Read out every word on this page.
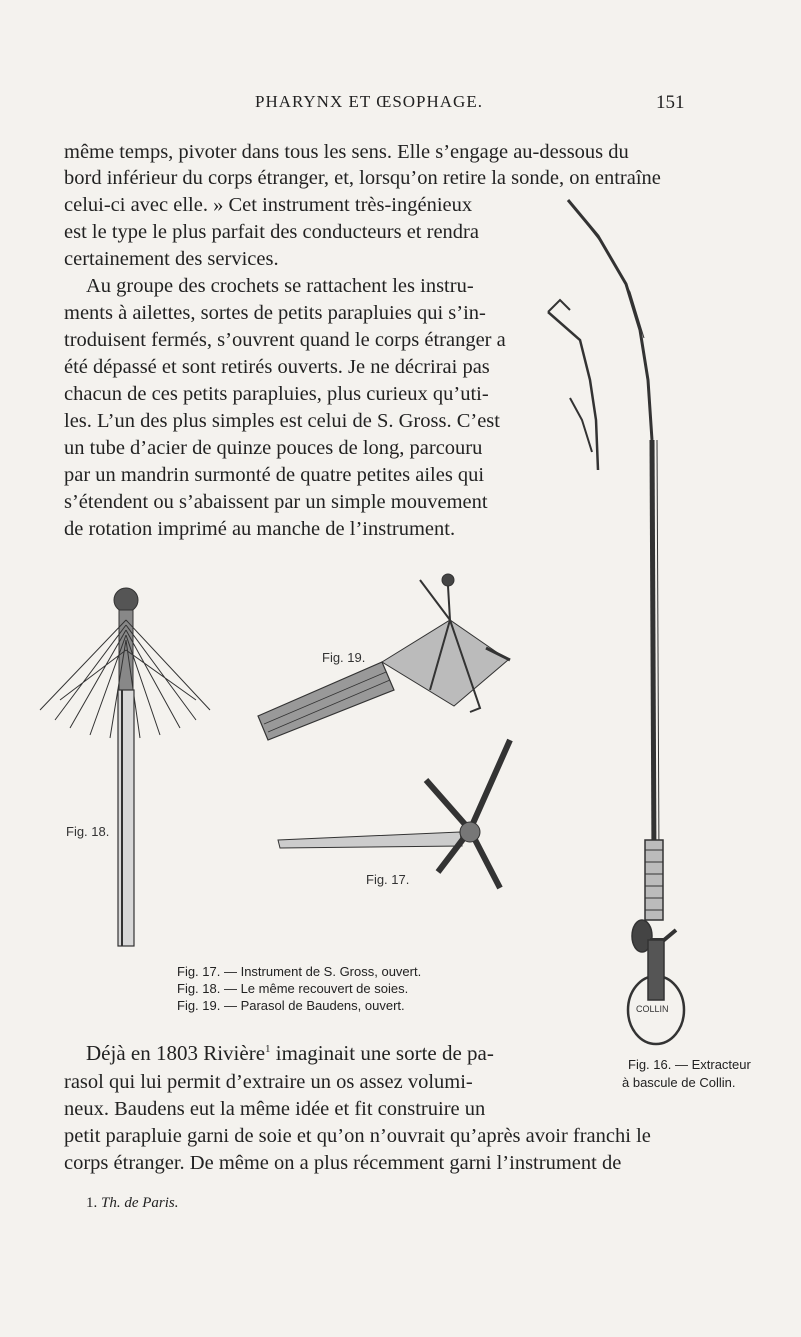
PHARYNX ET ŒSOPHAGE.	151
même temps, pivoter dans tous les sens. Elle s’engage au-dessous du
bord inférieur du corps étranger, et, lorsqu’on retire la sonde, on entraîne
celui-ci avec elle. » Cet instrument très-ingénieux
est le type le plus parfait des conducteurs et rendra
certainement des services.
Au groupe des crochets se rattachent les instru-
ments à ailettes, sortes de petits parapluies qui s’in-
troduisent fermés, s’ouvrent quand le corps étranger a
été dépassé et sont retirés ouverts. Je ne décrirai pas
chacun de ces petits parapluies, plus curieux qu’uti-
les. L’un des plus simples est celui de S. Gross. C’est
un tube d’acier de quinze pouces de long, parcouru
par un mandrin surmonté de quatre petites ailes qui
s’étendent ou s’abaissent par un simple mouvement
de rotation imprimé au manche de l’instrument.
COLLIN
Fig. 19.
Fig. 18.
Fig. 17.
Fig. 17. — Instrument de S. Gross, ouvert.
Fig. 18. — Le même recouvert de soies.
Fig. 19. — Parasol de Baudens, ouvert.
Fig. 16. — Extracteur
à bascule de Collin.
Déjà en 1803 Rivière$^1$ imaginait une sorte de pa-
rasol qui lui permit d’extraire un os assez volumi-
neux. Baudens eut la même idée et fit construire un
petit parapluie garni de soie et qu’on n’ouvrait qu’après avoir franchi le
corps étranger. De même on a plus récemment garni l’instrument de
1. Th. de Paris.
